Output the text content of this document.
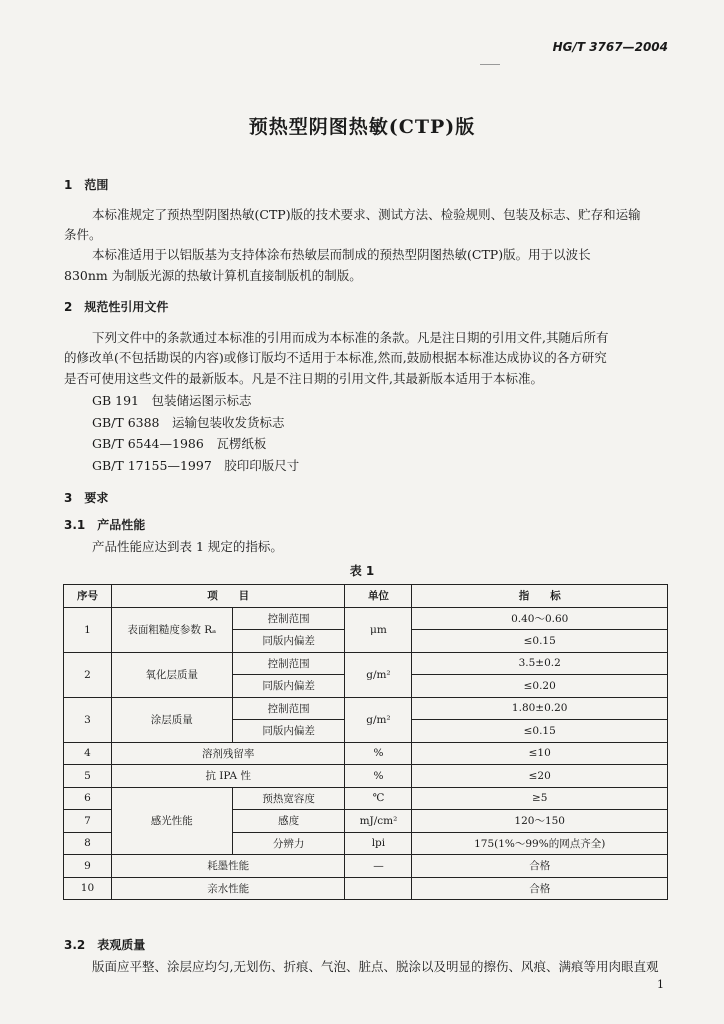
HG/T 3767—2004
预热型阴图热敏(CTP)版
1　范围
本标准规定了预热型阴图热敏(CTP)版的技术要求、测试方法、检验规则、包装及标志、贮存和运输
条件。
本标准适用于以铝版基为支持体涂布热敏层而制成的预热型阴图热敏(CTP)版。用于以波长
830nm 为制版光源的热敏计算机直接制版机的制版。
2　规范性引用文件
下列文件中的条款通过本标准的引用而成为本标准的条款。凡是注日期的引用文件,其随后所有
的修改单(不包括勘误的内容)或修订版均不适用于本标准,然而,鼓励根据本标准达成协议的各方研究
是否可使用这些文件的最新版本。凡是不注日期的引用文件,其最新版本适用于本标准。
GB 191　包装储运图示标志
GB/T 6388　运输包装收发货标志
GB/T 6544—1986　瓦楞纸板
GB/T 17155—1997　胶印印版尺寸
3　要求
3.1　产品性能
产品性能应达到表 1 规定的指标。
表 1
序号	项　　目		单位	指　　标
1	表面粗糙度参数 Rₐ	控制范围	μm	0.40～0.60
		同版内偏差		≤0.15
2	氧化层质量	控制范围	g/m²	3.5±0.2
		同版内偏差		≤0.20
3	涂层质量	控制范围	g/m²	1.80±0.20
		同版内偏差		≤0.15
4	溶剂残留率		%	≤10
5	抗 IPA 性		%	≤20
6	感光性能	预热宽容度	℃	≥5
7		感度	mJ/cm²	120～150
8		分辨力	lpi	175(1%～99%的网点齐全)
9	耗墨性能		—	合格
10	亲水性能			合格
3.2　表观质量
版面应平整、涂层应均匀,无划伤、折痕、气泡、脏点、脱涂以及明显的擦伤、风痕、满痕等用肉眼直观
1
